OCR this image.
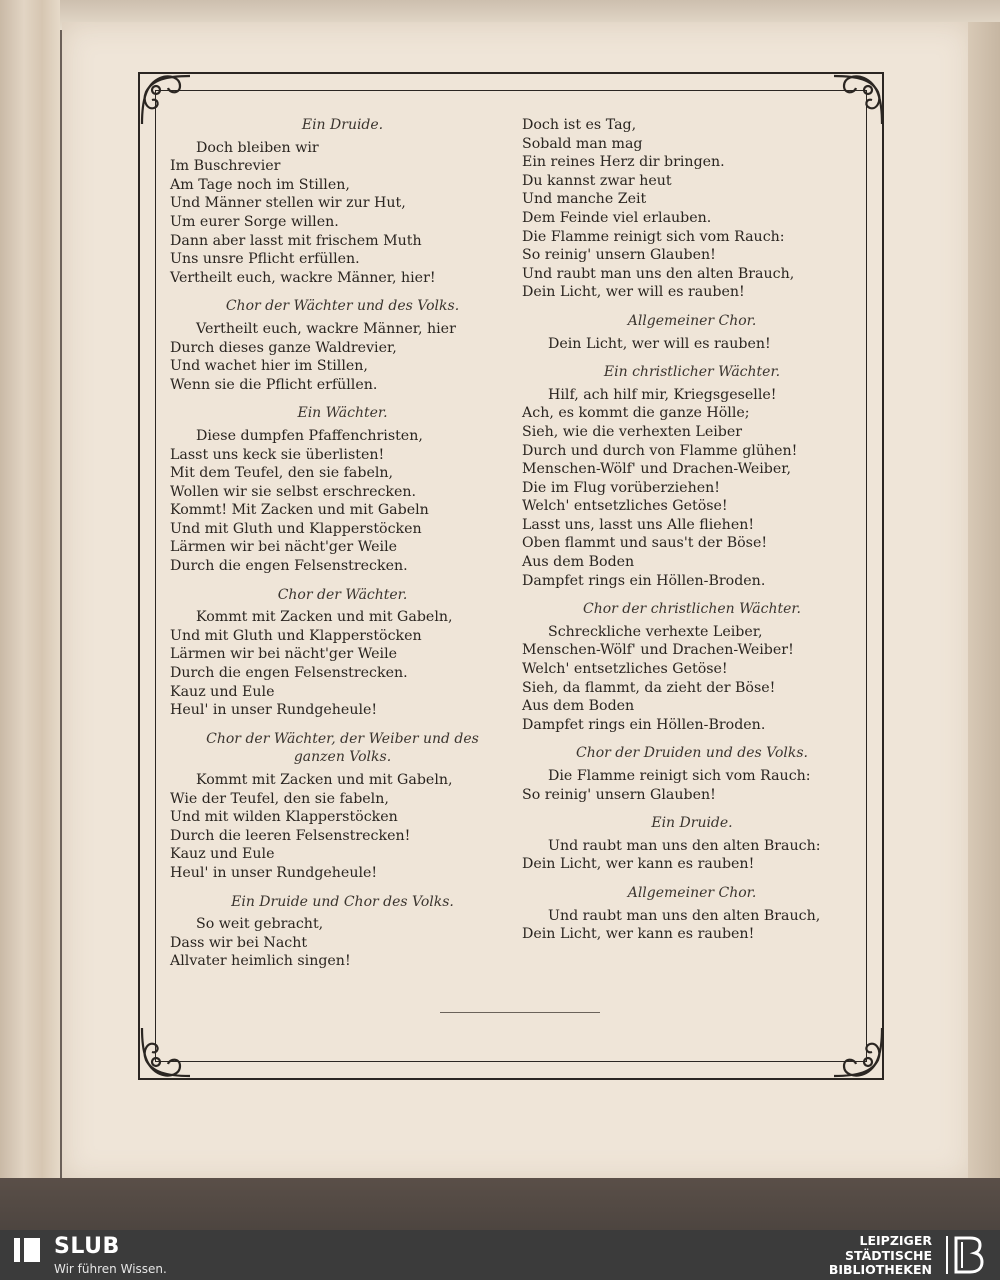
Ein Druide.

Doch bleiben wir

Im Buschrevier

Am Tage noch im Stillen,

Und Männer stellen wir zur Hut,

Um eurer Sorge willen.

Dann aber lasst mit frischem Muth

Uns unsre Pflicht erfüllen.

Vertheilt euch, wackre Männer, hier!

Chor der Wächter und des Volks.

Vertheilt euch, wackre Männer, hier

Durch dieses ganze Waldrevier,

Und wachet hier im Stillen,

Wenn sie die Pflicht erfüllen.

Ein Wächter.

Diese dumpfen Pfaffenchristen,

Lasst uns keck sie überlisten!

Mit dem Teufel, den sie fabeln,

Wollen wir sie selbst erschrecken.

Kommt! Mit Zacken und mit Gabeln

Und mit Gluth und Klapperstöcken

Lärmen wir bei nächt'ger Weile

Durch die engen Felsenstrecken.

Chor der Wächter.

Kommt mit Zacken und mit Gabeln,

Und mit Gluth und Klapperstöcken

Lärmen wir bei nächt'ger Weile

Durch die engen Felsenstrecken.

Kauz und Eule

Heul' in unser Rundgeheule!

Chor der Wächter, der Weiber und des

ganzen Volks.

Kommt mit Zacken und mit Gabeln,

Wie der Teufel, den sie fabeln,

Und mit wilden Klapperstöcken

Durch die leeren Felsenstrecken!

Kauz und Eule

Heul' in unser Rundgeheule!

Ein Druide und Chor des Volks.

So weit gebracht,

Dass wir bei Nacht

Allvater heimlich singen!

Doch ist es Tag,

Sobald man mag

Ein reines Herz dir bringen.

Du kannst zwar heut

Und manche Zeit

Dem Feinde viel erlauben.

Die Flamme reinigt sich vom Rauch:

So reinig' unsern Glauben!

Und raubt man uns den alten Brauch,

Dein Licht, wer will es rauben!

Allgemeiner Chor.

Dein Licht, wer will es rauben!

Ein christlicher Wächter.

Hilf, ach hilf mir, Kriegsgeselle!

Ach, es kommt die ganze Hölle;

Sieh, wie die verhexten Leiber

Durch und durch von Flamme glühen!

Menschen-Wölf' und Drachen-Weiber,

Die im Flug vorüberziehen!

Welch' entsetzliches Getöse!

Lasst uns, lasst uns Alle fliehen!

Oben flammt und saus't der Böse!

Aus dem Boden

Dampfet rings ein Höllen-Broden.

Chor der christlichen Wächter.

Schreckliche verhexte Leiber,

Menschen-Wölf' und Drachen-Weiber!

Welch' entsetzliches Getöse!

Sieh, da flammt, da zieht der Böse!

Aus dem Boden

Dampfet rings ein Höllen-Broden.

Chor der Druiden und des Volks.

Die Flamme reinigt sich vom Rauch:

So reinig' unsern Glauben!

Ein Druide.

Und raubt man uns den alten Brauch:

Dein Licht, wer kann es rauben!

Allgemeiner Chor.

Und raubt man uns den alten Brauch,

Dein Licht, wer kann es rauben!

SLUB
Wir führen Wissen.
LEIPZIGER
STÄDTISCHE
BIBLIOTHEKEN
